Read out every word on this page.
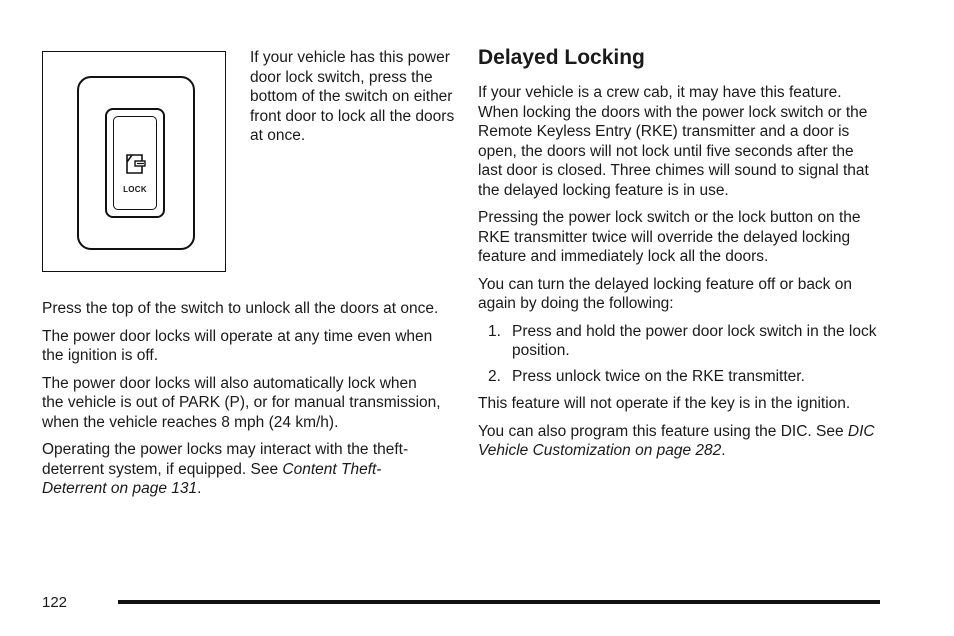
LOCK
If your vehicle has this power door lock switch, press the bottom of the switch on either front door to lock all the doors at once.

Press the top of the switch to unlock all the doors at once.

The power door locks will operate at any time even when the ignition is off.

The power door locks will also automatically lock when the vehicle is out of PARK (P), or for manual transmission, when the vehicle reaches 8 mph (24 km/h).

Operating the power locks may interact with the theft-deterrent system, if equipped. See Content Theft-Deterrent on page 131.

Delayed Locking

If your vehicle is a crew cab, it may have this feature. When locking the doors with the power lock switch or the Remote Keyless Entry (RKE) transmitter and a door is open, the doors will not lock until five seconds after the last door is closed. Three chimes will sound to signal that the delayed locking feature is in use.

Pressing the power lock switch or the lock button on the RKE transmitter twice will override the delayed locking feature and immediately lock all the doors.

You can turn the delayed locking feature off or back on again by doing the following:

1. Press and hold the power door lock switch in the lock position.
2. Press unlock twice on the RKE transmitter.

This feature will not operate if the key is in the ignition.

You can also program this feature using the DIC. See DIC Vehicle Customization on page 282.

122
